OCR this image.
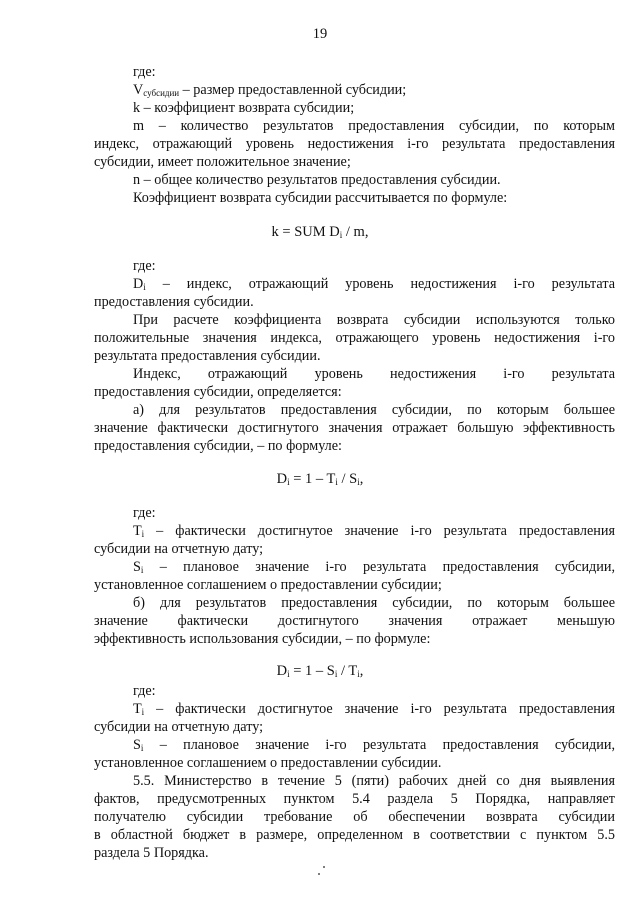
19
где:
$V_{субсидии}$ – размер предоставленной субсидии;
k – коэффициент возврата субсидии;
m – количество результатов предоставления субсидии, по которым
индекс, отражающий уровень недостижения i-го результата предоставления
субсидии, имеет положительное значение;
n – общее количество результатов предоставления субсидии.
Коэффициент возврата субсидии рассчитывается по формуле:
k = SUM $D_i$ / m,
где:
$D_i$ – индекс, отражающий уровень недостижения i-го результата
предоставления субсидии.
При расчете коэффициента возврата субсидии используются только
положительные значения индекса, отражающего уровень недостижения i-го
результата предоставления субсидии.
Индекс, отражающий уровень недостижения i-го результата
предоставления субсидии, определяется:
а) для результатов предоставления субсидии, по которым большее
значение фактически достигнутого значения отражает большую эффективность
предоставления субсидии, – по формуле:
$D_i = 1 - T_i / S_i$,
где:
$T_i$ – фактически достигнутое значение i-го результата предоставления
субсидии на отчетную дату;
$S_i$ – плановое значение i-го результата предоставления субсидии,
установленное соглашением о предоставлении субсидии;
б) для результатов предоставления субсидии, по которым большее
значение фактически достигнутого значения отражает меньшую
эффективность использования субсидии, – по формуле:
$D_i = 1 - S_i / T_i$,
где:
$T_i$ – фактически достигнутое значение i-го результата предоставления
субсидии на отчетную дату;
$S_i$ – плановое значение i-го результата предоставления субсидии,
установленное соглашением о предоставлении субсидии.
5.5. Министерство в течение 5 (пяти) рабочих дней со дня выявления
фактов, предусмотренных пунктом 5.4 раздела 5 Порядка, направляет
получателю субсидии требование об обеспечении возврата субсидии
в областной бюджет в размере, определенном в соответствии с пунктом 5.5
раздела 5 Порядка.
